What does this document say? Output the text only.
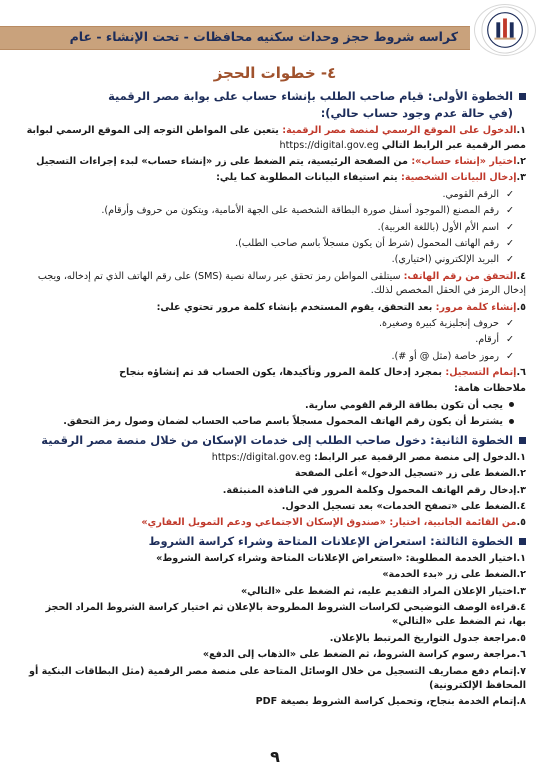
كراسه شروط حجز وحدات سكنيه محافظات - تحت الإنشاء - عام
٤- خطوات الحجز
الخطوة الأولى: قيام صاحب الطلب بإنشاء حساب على بوابة مصر الرقمية
(في حالة عدم وجود حساب حالي):
١.الدخول على الموقع الرسمي لمنصة مصر الرقمية: يتعين على المواطن التوجه إلى الموقع الرسمي لبوابة مصر الرقمية عبر الرابط التالي https://digital.gov.eg
٢.اختيار «إنشاء حساب»: من الصفحة الرئيسية، يتم الضغط على زر «إنشاء حساب» لبدء إجراءات التسجيل
٣.إدخال البيانات الشخصية: يتم استيفاء البيانات المطلوبة كما يلي:
✓الرقم القومي.
✓رقم المصنع (الموجود أسفل صورة البطاقة الشخصية على الجهة الأمامية، ويتكون من حروف وأرقام).
✓اسم الأم الأول (باللغة العربية).
✓رقم الهاتف المحمول (شرط أن يكون مسجلاً باسم صاحب الطلب).
✓البريد الإلكتروني (اختياري).
٤.التحقق من رقم الهاتف: سيتلقى المواطن رمز تحقق عبر رسالة نصية (SMS) على رقم الهاتف الذي تم إدخاله، ويجب إدخال الرمز في الحقل المخصص لذلك.
٥.إنشاء كلمة مرور: بعد التحقق، يقوم المستخدم بإنشاء كلمة مرور تحتوي على:
✓حروف إنجليزية كبيرة وصغيرة.
✓أرقام.
✓رموز خاصة (مثل @ أو #).
٦.إتمام التسجيل: بمجرد إدخال كلمة المرور وتأكيدها، يكون الحساب قد تم إنشاؤه بنجاح
ملاحظات هامة:
يجب أن تكون بطاقة الرقم القومي سارية.
يشترط أن يكون رقم الهاتف المحمول مسجلاً باسم صاحب الحساب لضمان وصول رمز التحقق.
الخطوة الثانية: دخول صاحب الطلب إلى خدمات الإسكان من خلال منصة مصر الرقمية
١.الدخول إلى منصة مصر الرقمية عبر الرابط: https://digital.gov.eg
٢.الضغط على زر «تسجيل الدخول» أعلى الصفحة
٣.إدخال رقم الهاتف المحمول وكلمة المرور في النافذة المنبثقة.
٤.الضغط على «تصفح الخدمات» بعد تسجيل الدخول.
٥.من القائمة الجانبية، اختيار: «صندوق الإسكان الاجتماعي ودعم التمويل العقاري»
الخطوة الثالثة: استعراض الإعلانات المتاحة وشراء كراسة الشروط
١.اختيار الخدمة المطلوبة: «استعراض الإعلانات المتاحة وشراء كراسة الشروط»
٢.الضغط على زر «بدء الخدمة»
٣.اختيار الإعلان المراد التقديم عليه، ثم الضغط على «التالي»
٤.قراءة الوصف التوضيحي لكراسات الشروط المطروحة بالإعلان ثم اختيار كراسة الشروط المراد الحجز بها، ثم الضغط على «التالي»
٥.مراجعة جدول التواريخ المرتبط بالإعلان.
٦.مراجعة رسوم كراسة الشروط، ثم الضغط على «الذهاب إلى الدفع»
٧.إتمام دفع مصاريف التسجيل من خلال الوسائل المتاحة على منصة مصر الرقمية (مثل البطاقات البنكية أو المحافظ الإلكترونية)
٨.إتمام الخدمة بنجاح، وتحميل كراسة الشروط بصيغة PDF
٩
